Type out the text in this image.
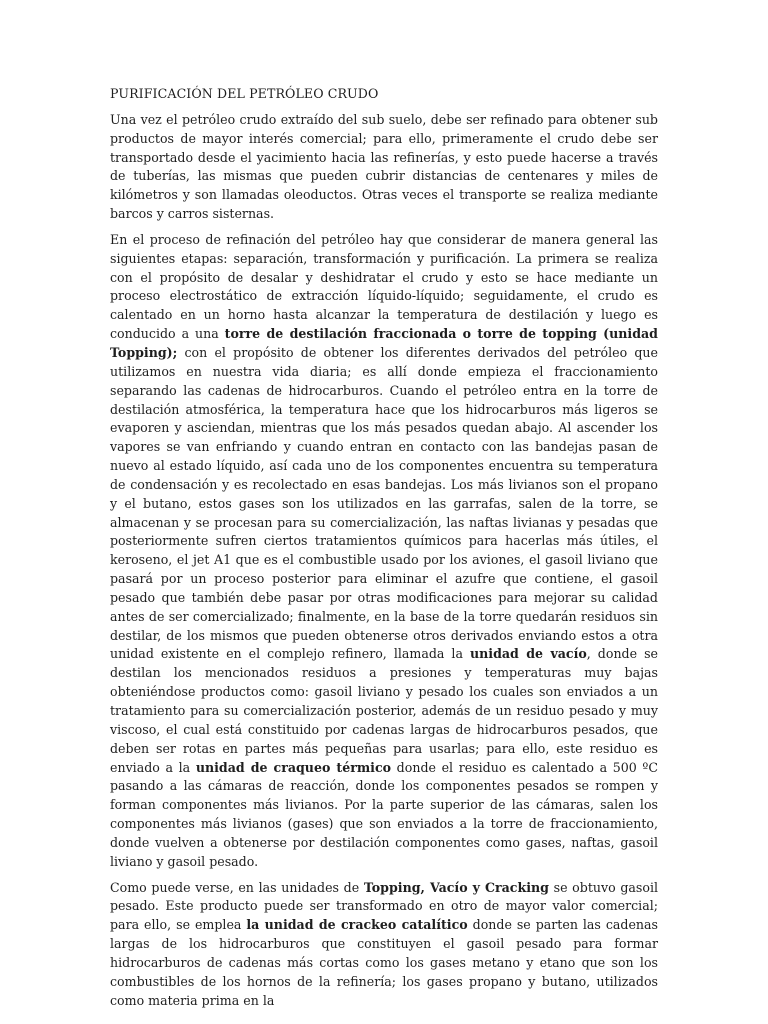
PURIFICACIÓN DEL PETRÓLEO CRUDO

Una vez el petróleo crudo extraído del sub suelo, debe ser refinado para obtener sub productos de mayor interés comercial; para ello, primeramente el crudo debe ser transportado desde el yacimiento hacia las refinerías, y esto puede hacerse a través de tuberías, las mismas que pueden cubrir distancias de centenares y miles de kilómetros y son llamadas oleoductos. Otras veces el transporte se realiza mediante barcos y carros sisternas.

En el proceso de refinación del petróleo hay que considerar de manera general las siguientes etapas: separación, transformación y purificación. La primera se realiza con el propósito de desalar y deshidratar el crudo y esto se hace mediante un proceso electrostático de extracción líquido-líquido; seguidamente, el crudo es calentado en un horno hasta alcanzar la temperatura de destilación y luego es conducido a una torre de destilación fraccionada o torre de topping (unidad Topping); con el propósito de obtener los diferentes derivados del petróleo que utilizamos en nuestra vida diaria; es allí donde empieza el fraccionamiento separando las cadenas de hidrocarburos. Cuando el petróleo entra en la torre de destilación atmosférica, la temperatura hace que los hidrocarburos más ligeros se evaporen y asciendan, mientras que los más pesados quedan abajo. Al ascender los vapores se van enfriando y cuando entran en contacto con las bandejas pasan de nuevo al estado líquido, así cada uno de los componentes encuentra su temperatura de condensación y es recolectado en esas bandejas. Los más livianos son el propano y el butano, estos gases son los utilizados en las garrafas, salen de la torre, se almacenan y se procesan para su comercialización, las naftas livianas y pesadas que posteriormente sufren ciertos tratamientos químicos para hacerlas más útiles, el keroseno, el jet A1 que es el combustible usado por los aviones, el gasoil liviano que pasará por un proceso posterior para eliminar el azufre que contiene, el gasoil pesado que también debe pasar por otras modificaciones para mejorar su calidad antes de ser comercializado; finalmente, en la base de la torre quedarán residuos sin destilar, de los mismos que pueden obtenerse otros derivados enviando estos a otra unidad existente en el complejo refinero, llamada la unidad de vacío, donde se destilan los mencionados residuos a presiones y temperaturas muy bajas obteniéndose productos como: gasoil liviano y pesado los cuales son enviados a un tratamiento para su comercialización posterior, además de un residuo pesado y muy viscoso, el cual está constituido por cadenas largas de hidrocarburos pesados, que deben ser rotas en partes más pequeñas para usarlas; para ello, este residuo es enviado a la unidad de craqueo térmico donde el residuo es calentado a 500 ºC pasando a las cámaras de reacción, donde los componentes pesados se rompen y forman componentes más livianos. Por la parte superior de las cámaras, salen los componentes más livianos (gases) que son enviados a la torre de fraccionamiento, donde vuelven a obtenerse por destilación componentes como gases, naftas, gasoil liviano y gasoil pesado.

Como puede verse, en las unidades de Topping, Vacío y Cracking se obtuvo gasoil pesado. Este producto puede ser transformado en otro de mayor valor comercial; para ello, se emplea la unidad de crackeo catalítico donde se parten las cadenas largas de los hidrocarburos que constituyen el gasoil pesado para formar hidrocarburos de cadenas más cortas como los gases metano y etano que son los combustibles de los hornos de la refinería; los gases propano y butano, utilizados como materia prima en la
